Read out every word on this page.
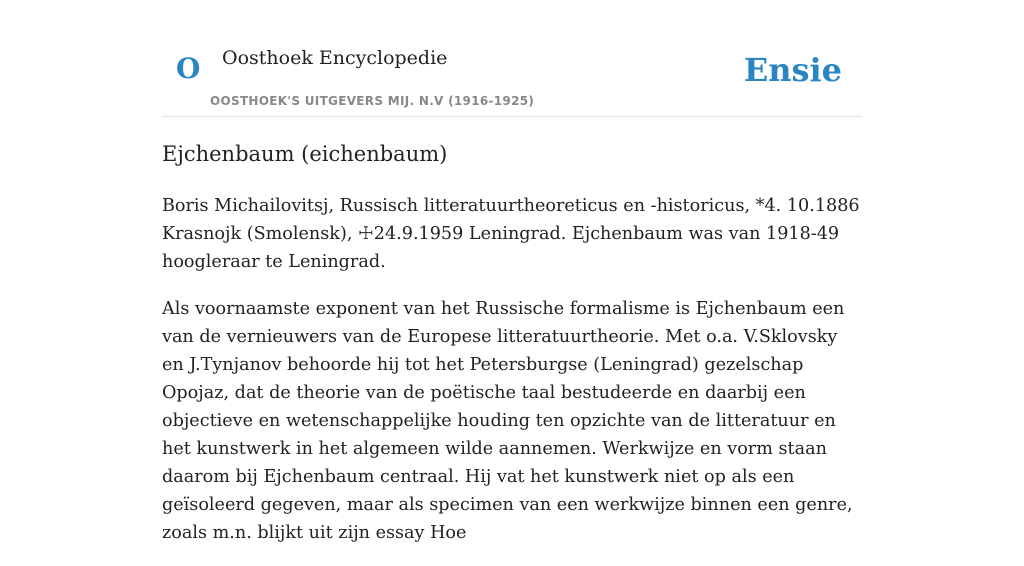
O Oosthoek Encyclopedie
OOSTHOEK'S UITGEVERS MIJ. N.V (1916-1925)
Ensie
Ejchenbaum (eichenbaum)

Boris Michailovitsj, Russisch litteratuurtheoreticus en -historicus, *4. 10.1886 Krasnojk (Smolensk), ☩24.9.1959 Leningrad. Ejchenbaum was van 1918-49 hoogleraar te Leningrad.

Als voornaamste exponent van het Russische formalisme is Ejchenbaum een van de vernieuwers van de Europese litteratuurtheorie. Met o.a. V.Sklovsky en J.Tynjanov behoorde hij tot het Petersburgse (Leningrad) gezelschap Opojaz, dat de theorie van de poëtische taal bestudeerde en daarbij een objectieve en wetenschappelijke houding ten opzichte van de litteratuur en het kunstwerk in het algemeen wilde aannemen. Werkwijze en vorm staan daarom bij Ejchenbaum centraal. Hij vat het kunstwerk niet op als een geïsoleerd gegeven, maar als specimen van een werkwijze binnen een genre, zoals m.n. blijkt uit zijn essay Hoe
